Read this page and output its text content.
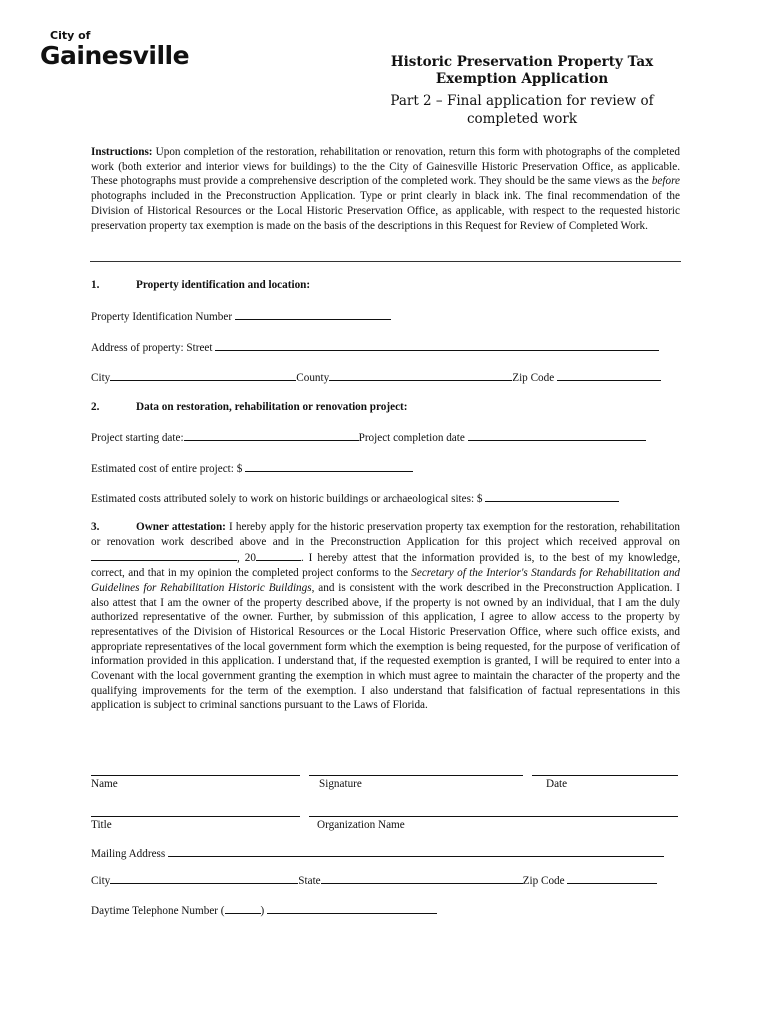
City of
Gainesville	Historic Preservation Property Tax
Exemption Application
Part 2 – Final application for review of
completed work
Instructions: Upon completion of the restoration, rehabilitation or renovation, return this form with photographs of the completed work (both exterior and interior views for buildings) to the the City of Gainesville Historic Preservation Office, as applicable. These photographs must provide a comprehensive description of the completed work. They should be the same views as the before photographs included in the Preconstruction Application. Type or print clearly in black ink. The final recommendation of the Division of Historical Resources or the Local Historic Preservation Office, as applicable, with respect to the requested historic preservation property tax exemption is made on the basis of the descriptions in this Request for Review of Completed Work.
1.	Property identification and location:
Property Identification Number
Address of property: Street
City	County	Zip Code
2.	Data on restoration, rehabilitation or renovation project:
Project starting date:	Project completion date
Estimated cost of entire project: $
Estimated costs attributed solely to work on historic buildings or archaeological sites: $
3.	Owner attestation: I hereby apply for the historic preservation property tax exemption for the restoration, rehabilitation or renovation work described above and in the Preconstruction Application for this project which received approval on, 20	. I hereby attest that the information provided is, to the best of my knowledge, correct, and that in my opinion the completed project conforms to the Secretary of the Interior's Standards for Rehabilitation and Guidelines for Rehabilitation Historic Buildings, and is consistent with the work described in the Preconstruction Application. I also attest that I am the owner of the property described above, if the property is not owned by an individual, that I am the duly authorized representative of the owner. Further, by submission of this application, I agree to allow access to the property by representatives of the Division of Historical Resources or the Local Historic Preservation Office, where such office exists, and appropriate representatives of the local government form which the exemption is being requested, for the purpose of verification of information provided in this application. I understand that, if the requested exemption is granted, I will be required to enter into a Covenant with the local government granting the exemption in which must agree to maintain the character of the property and the qualifying improvements for the term of the exemption. I also understand that falsification of factual representations in this application is subject to criminal sanctions pursuant to the Laws of Florida.
Name	Signature	Date
Title	Organization Name
Mailing Address
City	State	Zip Code
Daytime Telephone Number (	)
